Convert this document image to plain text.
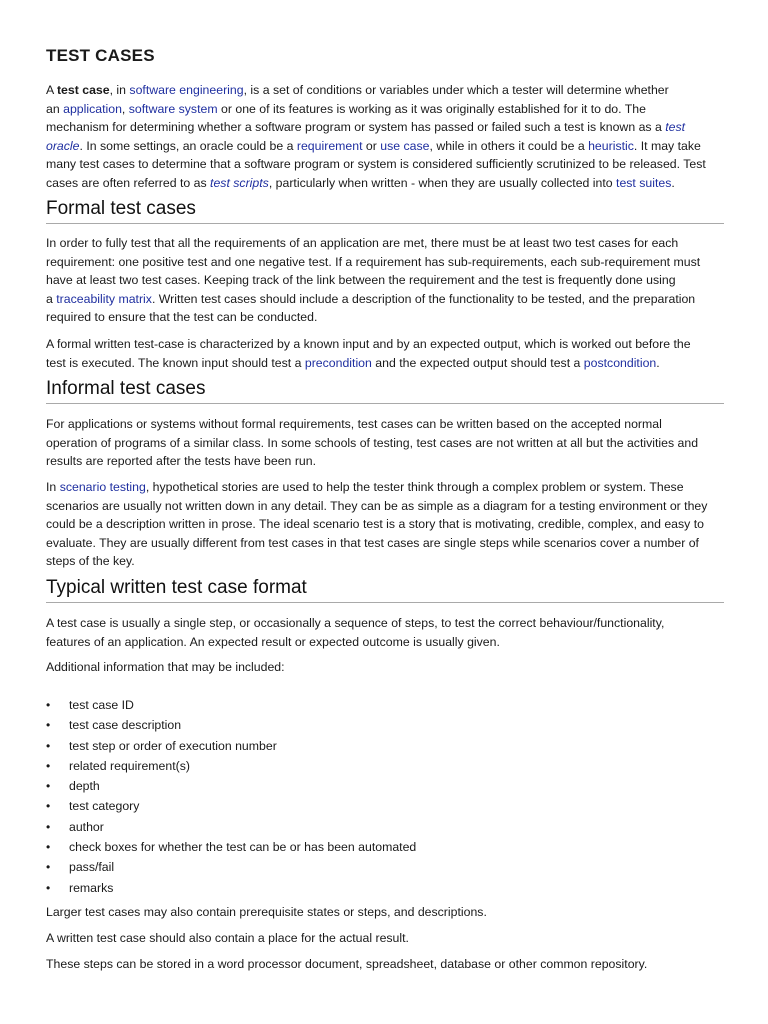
TEST CASES

A test case, in software engineering, is a set of conditions or variables under which a tester will determine whether
an application, software system or one of its features is working as it was originally established for it to do. The
mechanism for determining whether a software program or system has passed or failed such a test is known as a test
oracle. In some settings, an oracle could be a requirement or use case, while in others it could be a heuristic. It may take
many test cases to determine that a software program or system is considered sufficiently scrutinized to be released. Test
cases are often referred to as test scripts, particularly when written - when they are usually collected into test suites.

Formal test cases

In order to fully test that all the requirements of an application are met, there must be at least two test cases for each
requirement: one positive test and one negative test. If a requirement has sub-requirements, each sub-requirement must
have at least two test cases. Keeping track of the link between the requirement and the test is frequently done using
a traceability matrix. Written test cases should include a description of the functionality to be tested, and the preparation
required to ensure that the test can be conducted.

A formal written test-case is characterized by a known input and by an expected output, which is worked out before the
test is executed. The known input should test a precondition and the expected output should test a postcondition.

Informal test cases

For applications or systems without formal requirements, test cases can be written based on the accepted normal
operation of programs of a similar class. In some schools of testing, test cases are not written at all but the activities and
results are reported after the tests have been run.

In scenario testing, hypothetical stories are used to help the tester think through a complex problem or system. These
scenarios are usually not written down in any detail. They can be as simple as a diagram for a testing environment or they
could be a description written in prose. The ideal scenario test is a story that is motivating, credible, complex, and easy to
evaluate. They are usually different from test cases in that test cases are single steps while scenarios cover a number of
steps of the key.

Typical written test case format

A test case is usually a single step, or occasionally a sequence of steps, to test the correct behaviour/functionality,
features of an application. An expected result or expected outcome is usually given.

Additional information that may be included:

• test case ID
• test case description
• test step or order of execution number
• related requirement(s)
• depth
• test category
• author
• check boxes for whether the test can be or has been automated
• pass/fail
• remarks

Larger test cases may also contain prerequisite states or steps, and descriptions.

A written test case should also contain a place for the actual result.

These steps can be stored in a word processor document, spreadsheet, database or other common repository.
